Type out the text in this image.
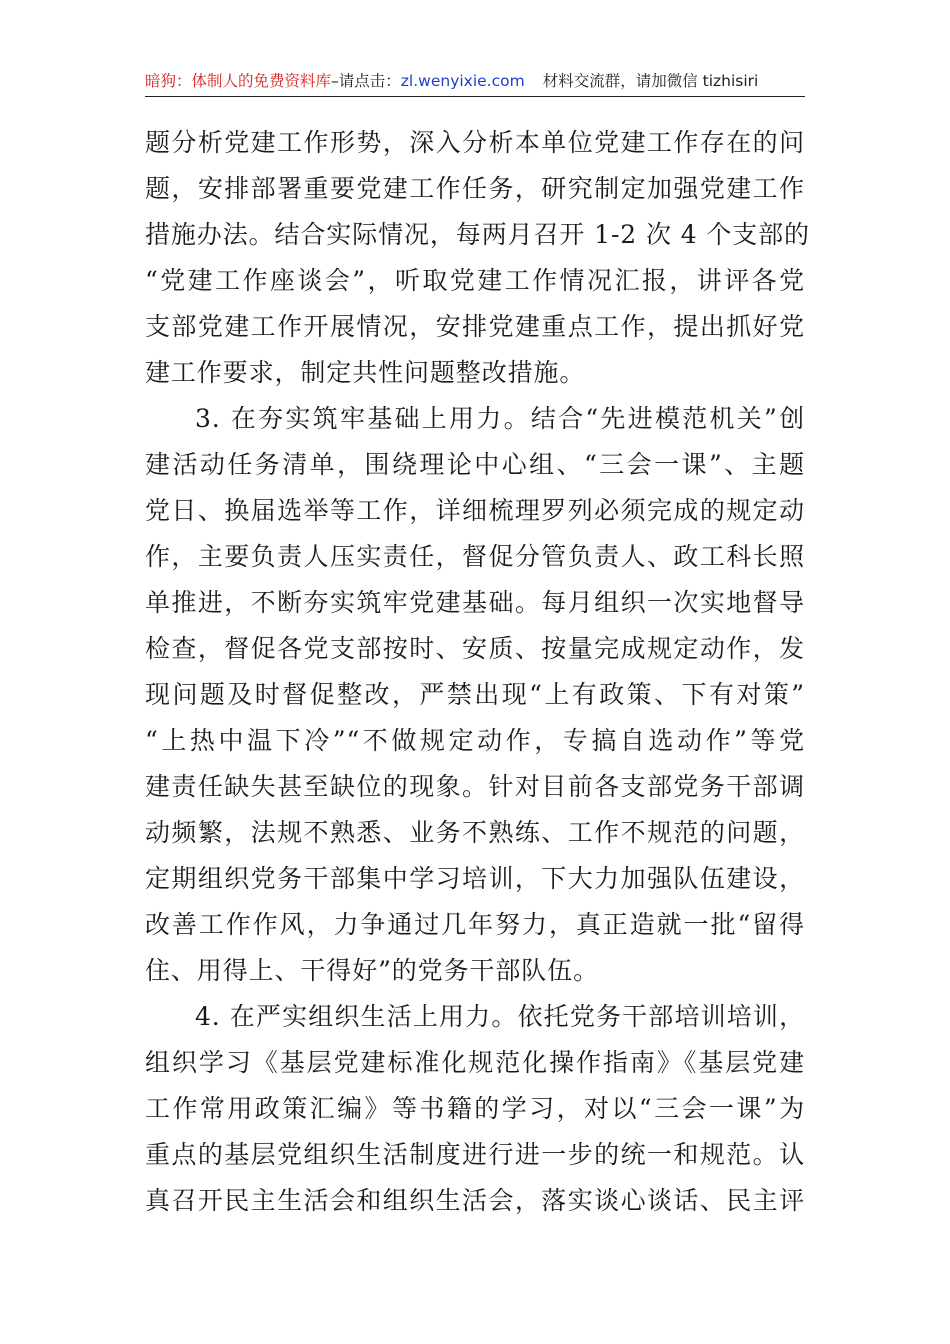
暗狗：体制人的免费资料库–请点击：zl.wenyixie.com 材料交流群，请加微信 tizhisiri
题分析党建工作形势，深入分析本单位党建工作存在的问
题，安排部署重要党建工作任务，研究制定加强党建工作
措施办法。结合实际情况，每两月召开 1-2 次 4 个支部的
“党建工作座谈会”，听取党建工作情况汇报，讲评各党
支部党建工作开展情况，安排党建重点工作，提出抓好党
建工作要求，制定共性问题整改措施。
3. 在夯实筑牢基础上用力。结合“先进模范机关”创
建活动任务清单，围绕理论中心组、“三会一课”、主题
党日、换届选举等工作，详细梳理罗列必须完成的规定动
作，主要负责人压实责任，督促分管负责人、政工科长照
单推进，不断夯实筑牢党建基础。每月组织一次实地督导
检查，督促各党支部按时、安质、按量完成规定动作，发
现问题及时督促整改，严禁出现“上有政策、下有对策”
“上热中温下冷”“不做规定动作，专搞自选动作”等党
建责任缺失甚至缺位的现象。针对目前各支部党务干部调
动频繁，法规不熟悉、业务不熟练、工作不规范的问题，
定期组织党务干部集中学习培训，下大力加强队伍建设，
改善工作作风，力争通过几年努力，真正造就一批“留得
住、用得上、干得好”的党务干部队伍。
4. 在严实组织生活上用力。依托党务干部培训培训，
组织学习《基层党建标准化规范化操作指南》《基层党建
工作常用政策汇编》等书籍的学习，对以“三会一课”为
重点的基层党组织生活制度进行进一步的统一和规范。认
真召开民主生活会和组织生活会，落实谈心谈话、民主评
